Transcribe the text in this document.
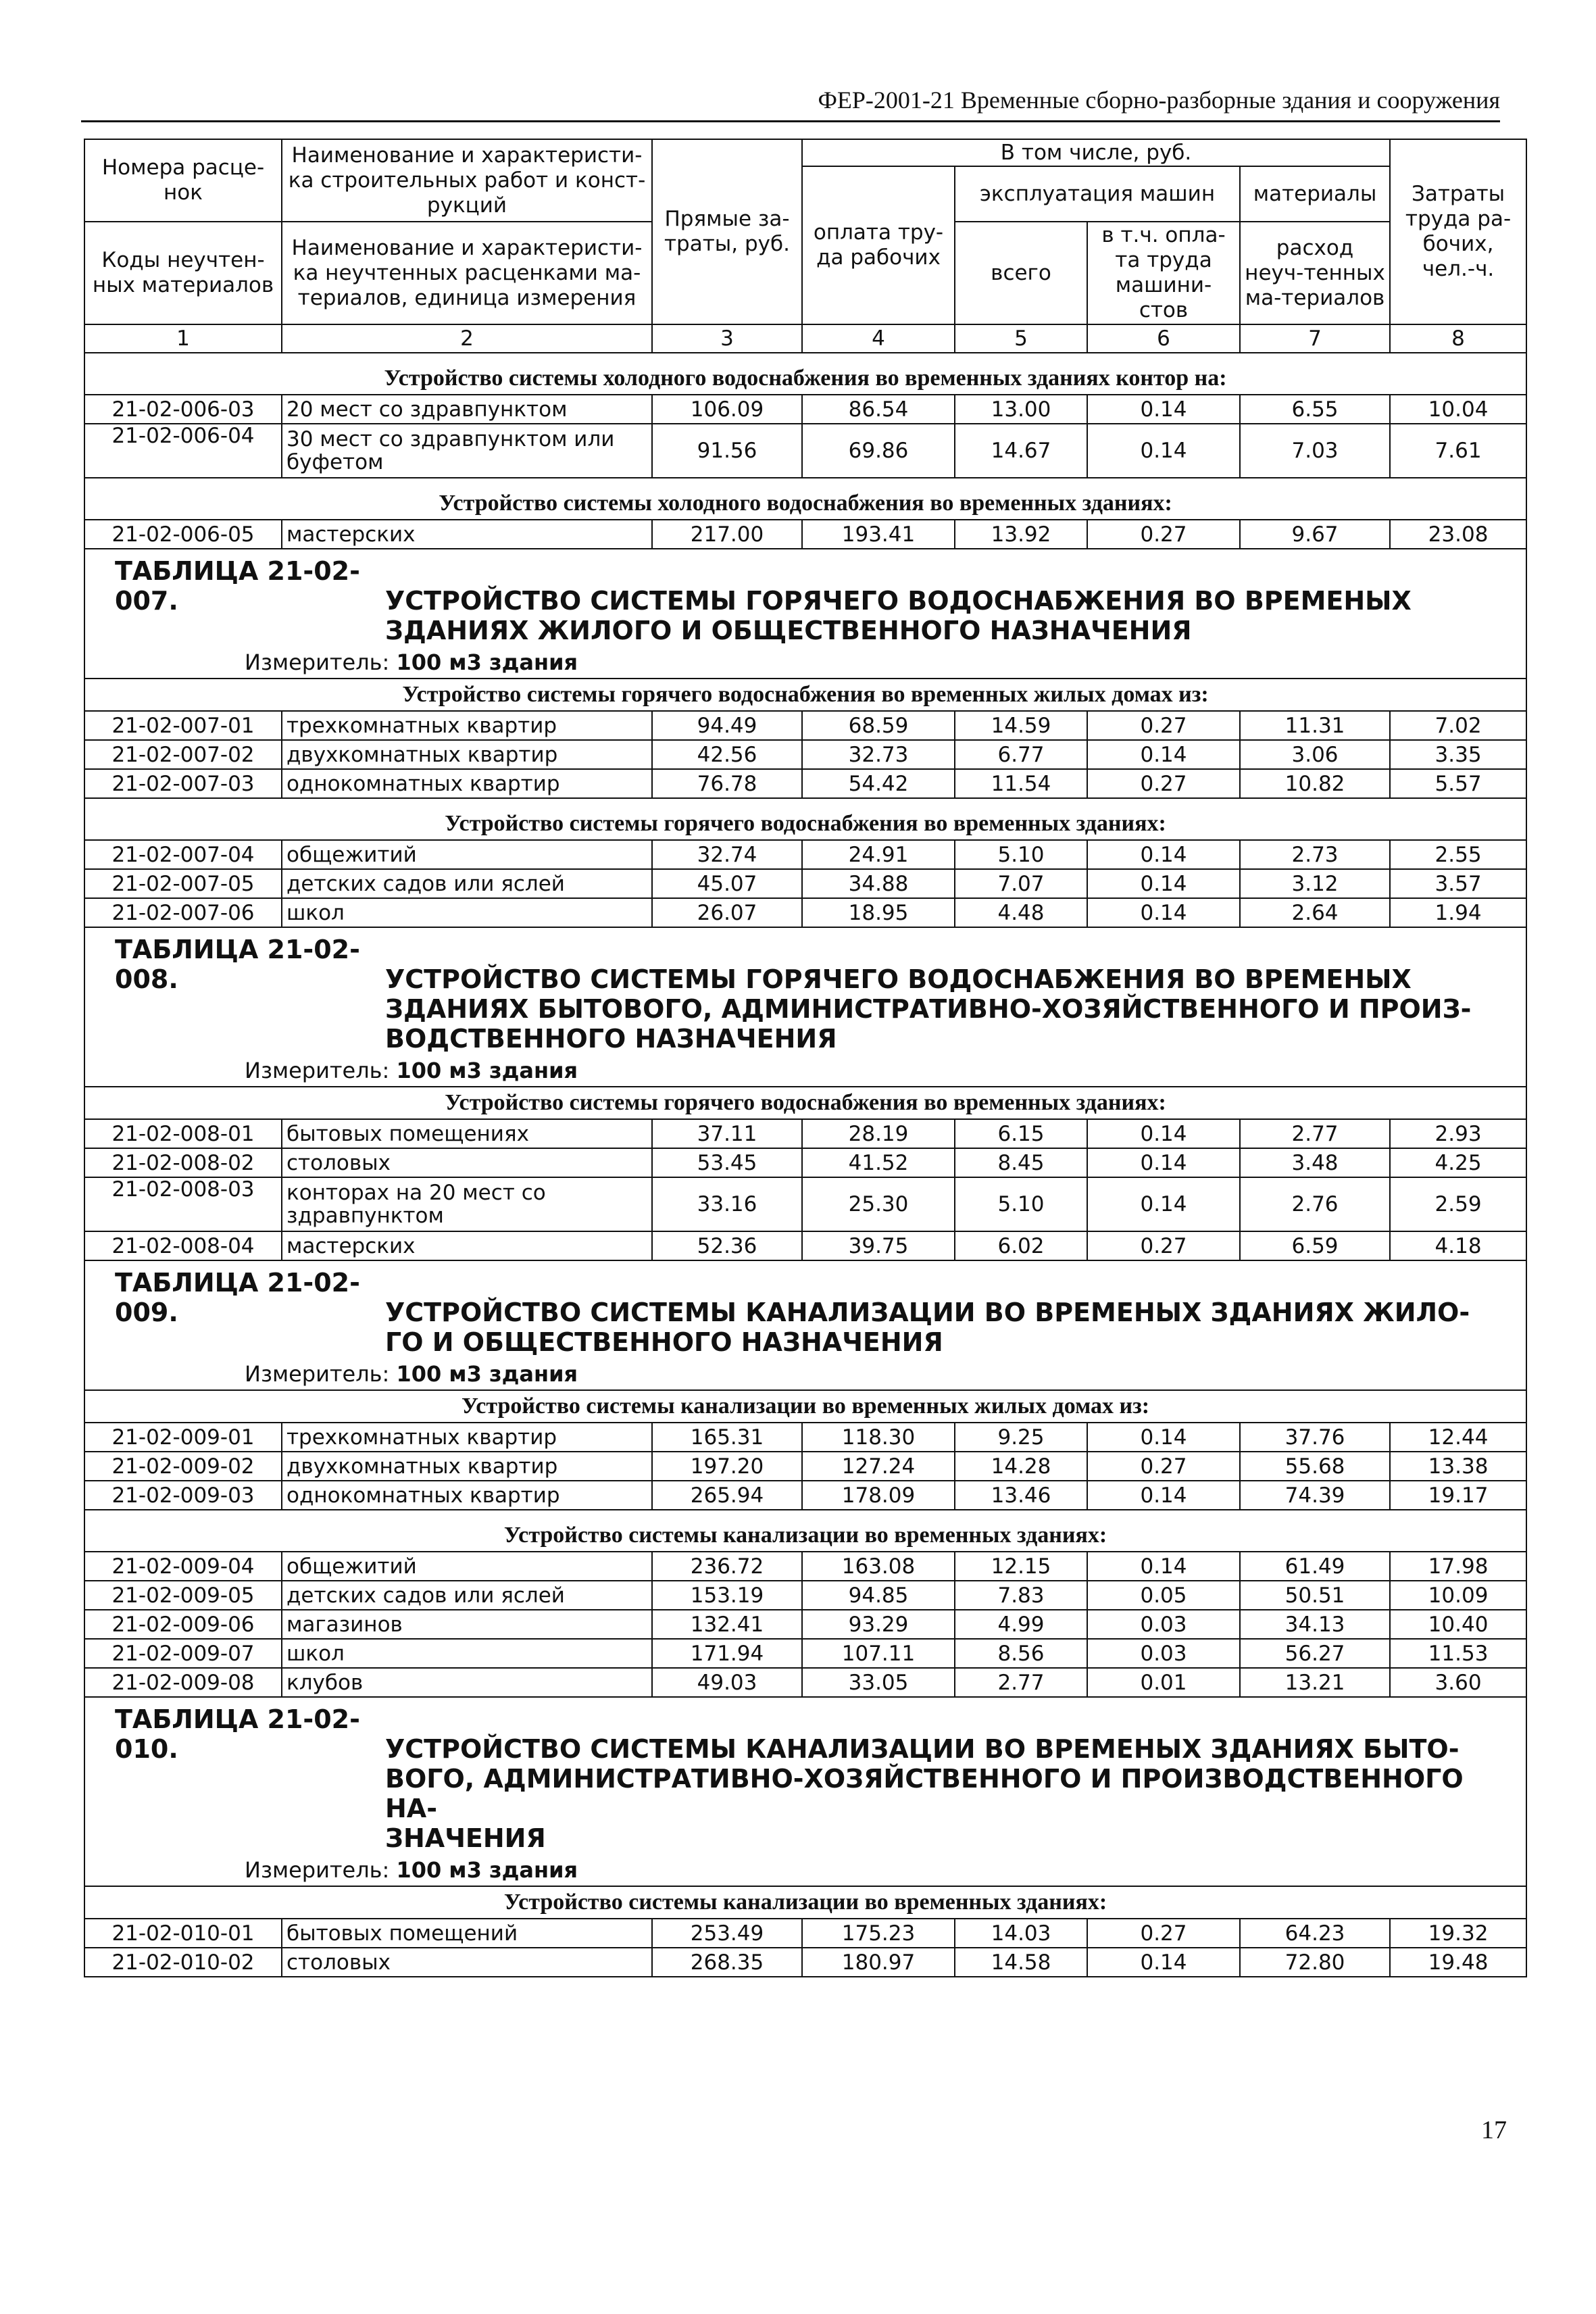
ФЕР-2001-21 Временные сборно-разборные здания и сооружения
Номера расце-нок	Наименование и характеристи-ка строительных работ и конст-рукций	Прямые за-траты, руб.	В том числе, руб.				Затраты труда ра-бочих, чел.-ч.
			оплата тру-да рабочих	эксплуатация машин		материалы	
Коды неучтен-ных материалов	Наименование и характеристи-ка неучтенных расценками ма-териалов, единица измерения			всего	в т.ч. опла-та труда машини-стов	расход неуч-тенных ма-териалов	

1	2	3	4	5	6	7	8

Устройство системы холодного водоснабжения во временных зданиях контор на:							
21-02-006-03	20 мест со здравпунктом	106.09	86.54	13.00	0.14	6.55	10.04
21-02-006-04	30 мест со здравпунктом или буфетом	91.56	69.86	14.67	0.14	7.03	7.61

Устройство системы холодного водоснабжения во временных зданиях:							
21-02-006-05	мастерских	217.00	193.41	13.92	0.27	9.67	23.08

ТАБЛИЦА 21-02-007. УСТРОЙСТВО СИСТЕМЫ ГОРЯЧЕГО ВОДОСНАБЖЕНИЯ ВО ВРЕМЕНЫХ
ЗДАНИЯХ ЖИЛОГО И ОБЩЕСТВЕННОГО НАЗНАЧЕНИЯ							

Измеритель: 100 м3 здания							
Устройство системы горячего водоснабжения во временных жилых домах из:							
21-02-007-01	трехкомнатных квартир	94.49	68.59	14.59	0.27	11.31	7.02
21-02-007-02	двухкомнатных квартир	42.56	32.73	6.77	0.14	3.06	3.35
21-02-007-03	однокомнатных квартир	76.78	54.42	11.54	0.27	10.82	5.57

Устройство системы горячего водоснабжения во временных зданиях:							
21-02-007-04	общежитий	32.74	24.91	5.10	0.14	2.73	2.55
21-02-007-05	детских садов или яслей	45.07	34.88	7.07	0.14	3.12	3.57
21-02-007-06	школ	26.07	18.95	4.48	0.14	2.64	1.94

ТАБЛИЦА 21-02-008. УСТРОЙСТВО СИСТЕМЫ ГОРЯЧЕГО ВОДОСНАБЖЕНИЯ ВО ВРЕМЕНЫХ
ЗДАНИЯХ БЫТОВОГО, АДМИНИСТРАТИВНО-ХОЗЯЙСТВЕННОГО И ПРОИЗ-
ВОДСТВЕННОГО НАЗНАЧЕНИЯ							

Измеритель: 100 м3 здания							
Устройство системы горячего водоснабжения во временных зданиях:							
21-02-008-01	бытовых помещениях	37.11	28.19	6.15	0.14	2.77	2.93
21-02-008-02	столовых	53.45	41.52	8.45	0.14	3.48	4.25
21-02-008-03	конторах на 20 мест со здравпунктом	33.16	25.30	5.10	0.14	2.76	2.59
21-02-008-04	мастерских	52.36	39.75	6.02	0.27	6.59	4.18

ТАБЛИЦА 21-02-009. УСТРОЙСТВО СИСТЕМЫ КАНАЛИЗАЦИИ ВО ВРЕМЕНЫХ ЗДАНИЯХ ЖИЛО-
ГО И ОБЩЕСТВЕННОГО НАЗНАЧЕНИЯ							

Измеритель: 100 м3 здания							
Устройство системы канализации во временных жилых домах из:							
21-02-009-01	трехкомнатных квартир	165.31	118.30	9.25	0.14	37.76	12.44
21-02-009-02	двухкомнатных квартир	197.20	127.24	14.28	0.27	55.68	13.38
21-02-009-03	однокомнатных квартир	265.94	178.09	13.46	0.14	74.39	19.17

Устройство системы канализации во временных зданиях:							
21-02-009-04	общежитий	236.72	163.08	12.15	0.14	61.49	17.98
21-02-009-05	детских садов или яслей	153.19	94.85	7.83	0.05	50.51	10.09
21-02-009-06	магазинов	132.41	93.29	4.99	0.03	34.13	10.40
21-02-009-07	школ	171.94	107.11	8.56	0.03	56.27	11.53
21-02-009-08	клубов	49.03	33.05	2.77	0.01	13.21	3.60

ТАБЛИЦА 21-02-010. УСТРОЙСТВО СИСТЕМЫ КАНАЛИЗАЦИИ ВО ВРЕМЕНЫХ ЗДАНИЯХ БЫТО-
ВОГО, АДМИНИСТРАТИВНО-ХОЗЯЙСТВЕННОГО И ПРОИЗВОДСТВЕННОГО НА-
ЗНАЧЕНИЯ							

Измеритель: 100 м3 здания							
Устройство системы канализации во временных зданиях:							
21-02-010-01	бытовых помещений	253.49	175.23	14.03	0.27	64.23	19.32
21-02-010-02	столовых	268.35	180.97	14.58	0.14	72.80	19.48
17
